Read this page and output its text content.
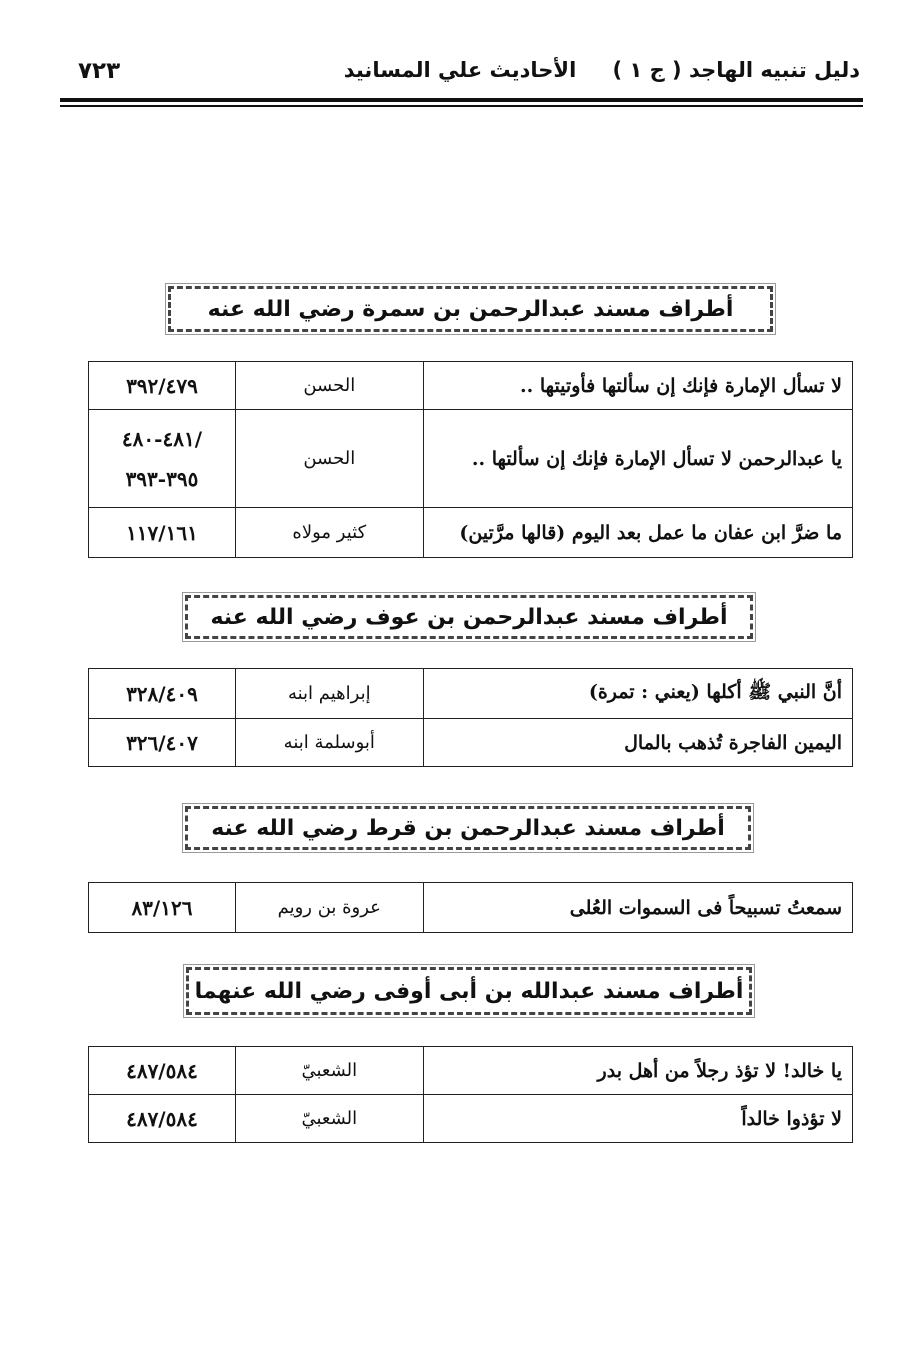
دليل تنبيه الهاجد ( ج ١ )
الأحاديث علي المسانيد
٧٢٣
أطراف مسند عبدالرحمن بن سمرة رضي الله عنه
لا تسأل الإمارة فإنك إن سألتها فأوتيتها ..	الحسن	٣٩٢/٤٧٩
يا عبدالرحمن لا تسأل الإمارة فإنك إن سألتها ..	الحسن	/٤٨١-٤٨٠
٣٩٥-٣٩٣

ما ضرَّ ابن عفان ما عمل بعد اليوم (قالها مرَّتين)	كثير مولاه	١١٧/١٦١
أطراف مسند عبدالرحمن بن عوف رضي الله عنه
أنَّ النبي ﷺ أكلها (يعني : تمرة)	إبراهيم ابنه	٣٢٨/٤٠٩
اليمين الفاجرة تُذهب بالمال	أبوسلمة ابنه	٣٢٦/٤٠٧
أطراف مسند عبدالرحمن بن قرط رضي الله عنه
سمعتُ تسبيحاً فى السموات العُلى	عروة بن رويم	٨٣/١٢٦
أطراف مسند عبدالله بن أبى أوفى رضي الله عنهما
يا خالد! لا تؤذ رجلاً من أهل بدر	الشعبيّ	٤٨٧/٥٨٤
لا تؤذوا خالداً	الشعبيّ	٤٨٧/٥٨٤
